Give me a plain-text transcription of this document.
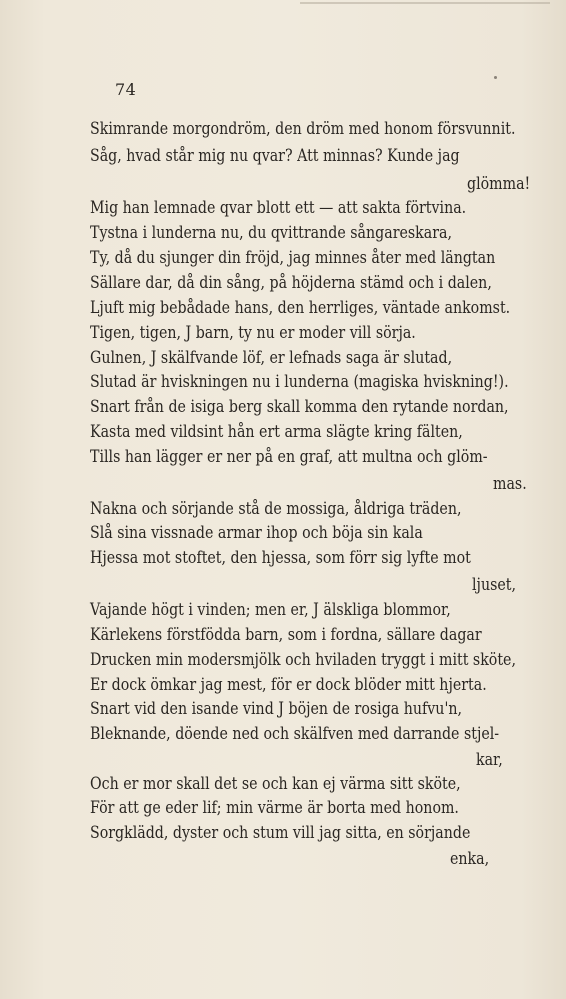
74
Skimrande morgondröm, den dröm med honom försvunnit.
Såg, hvad står mig nu qvar? Att minnas? Kunde jag
glömma!
Mig han lemnade qvar blott ett — att sakta förtvina.
Tystna i lunderna nu, du qvittrande sångareskara,
Ty, då du sjunger din fröjd, jag minnes åter med längtan
Sällare dar, då din sång, på höjderna stämd och i dalen,
Ljuft mig bebådade hans, den herrliges, väntade ankomst.
Tigen, tigen, J barn, ty nu er moder vill sörja.
Gulnen, J skälfvande löf, er lefnads saga är slutad,
Slutad är hviskningen nu i lunderna (magiska hviskning!).
Snart från de isiga berg skall komma den rytande nordan,
Kasta med vildsint hån ert arma slägte kring fälten,
Tills han lägger er ner på en graf, att multna och glöm-
mas.
Nakna och sörjande stå de mossiga, åldriga träden,
Slå sina vissnade armar ihop och böja sin kala
Hjessa mot stoftet, den hjessa, som förr sig lyfte mot
ljuset,
Vajande högt i vinden; men er, J älskliga blommor,
Kärlekens förstfödda barn, som i fordna, sällare dagar
Drucken min modersmjölk och hviladen tryggt i mitt sköte,
Er dock ömkar jag mest, för er dock blöder mitt hjerta.
Snart vid den isande vind J böjen de rosiga hufvu'n,
Bleknande, döende ned och skälfven med darrande stjel-
kar,
Och er mor skall det se och kan ej värma sitt sköte,
För att ge eder lif; min värme är borta med honom.
Sorgklädd, dyster och stum vill jag sitta, en sörjande
enka,
